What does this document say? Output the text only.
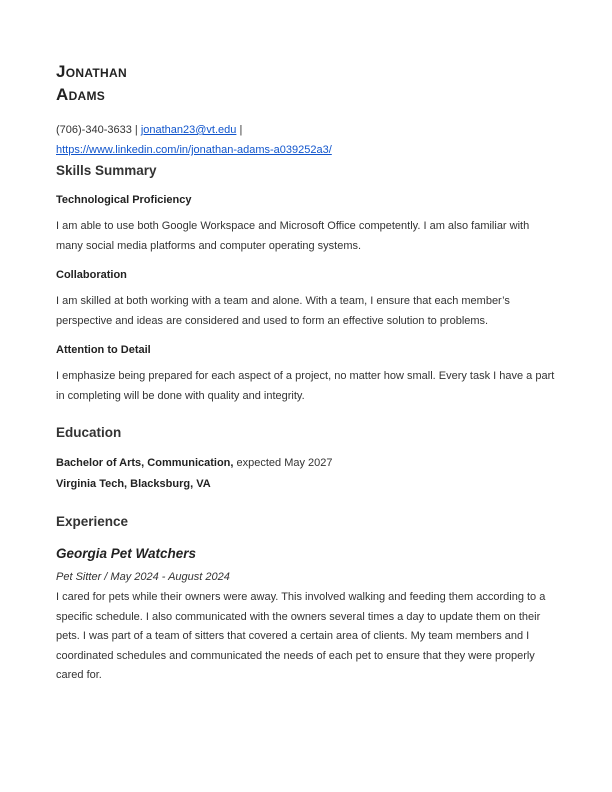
Jonathan
Adams
(706)-340-3633 | jonathan23@vt.edu |
https://www.linkedin.com/in/jonathan-adams-a039252a3/
Skills Summary
Technological Proficiency

I am able to use both Google Workspace and Microsoft Office competently. I am also familiar with many social media platforms and computer operating systems.

Collaboration

I am skilled at both working with a team and alone. With a team, I ensure that each member’s perspective and ideas are considered and used to form an effective solution to problems.

Attention to Detail

I emphasize being prepared for each aspect of a project, no matter how small. Every task I have a part in completing will be done with quality and integrity.

Education
Bachelor of Arts, Communication, expected May 2027
Virginia Tech, Blacksburg, VA
Experience
Georgia Pet Watchers
Pet Sitter / May 2024 - August 2024

I cared for pets while their owners were away. This involved walking and feeding them according to a specific schedule. I also communicated with the owners several times a day to update them on their pets. I was part of a team of sitters that covered a certain area of clients. My team members and I coordinated schedules and communicated the needs of each pet to ensure that they were properly cared for.
